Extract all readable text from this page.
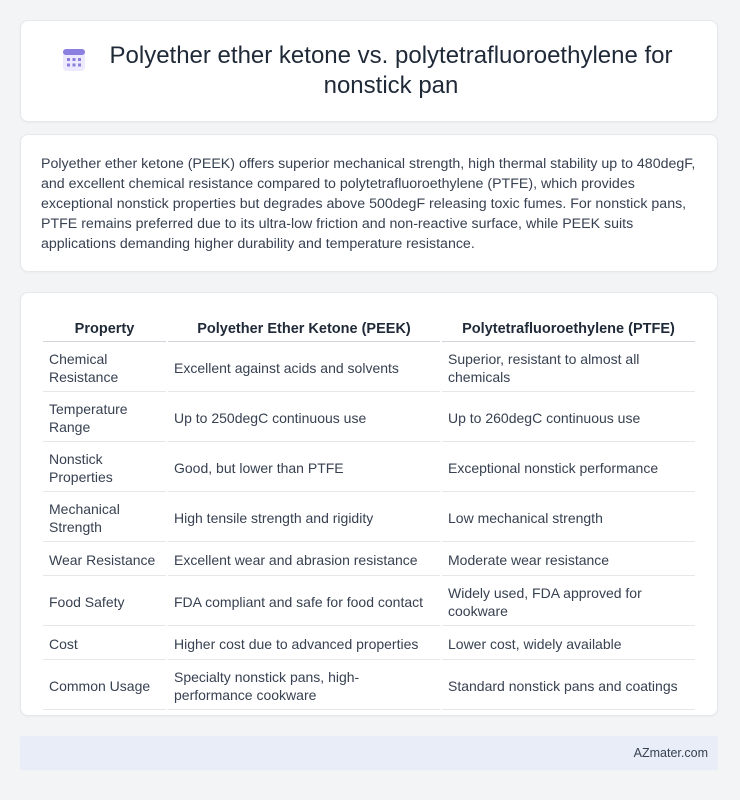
Polyether ether ketone vs. polytetrafluoroethylene for nonstick pan

Polyether ether ketone (PEEK) offers superior mechanical strength, high thermal stability up to 480degF, and excellent chemical resistance compared to polytetrafluoroethylene (PTFE), which provides exceptional nonstick properties but degrades above 500degF releasing toxic fumes. For nonstick pans, PTFE remains preferred due to its ultra-low friction and non-reactive surface, while PEEK suits applications demanding higher durability and temperature resistance.

Property	Polyether Ether Ketone (PEEK)	Polytetrafluoroethylene (PTFE)
Chemical Resistance	Excellent against acids and solvents	Superior, resistant to almost all chemicals
Temperature Range	Up to 250degC continuous use	Up to 260degC continuous use
Nonstick Properties	Good, but lower than PTFE	Exceptional nonstick performance
Mechanical Strength	High tensile strength and rigidity	Low mechanical strength
Wear Resistance	Excellent wear and abrasion resistance	Moderate wear resistance
Food Safety	FDA compliant and safe for food contact	Widely used, FDA approved for cookware
Cost	Higher cost due to advanced properties	Lower cost, widely available
Common Usage	Specialty nonstick pans, high-performance cookware	Standard nonstick pans and coatings
AZmater.com
